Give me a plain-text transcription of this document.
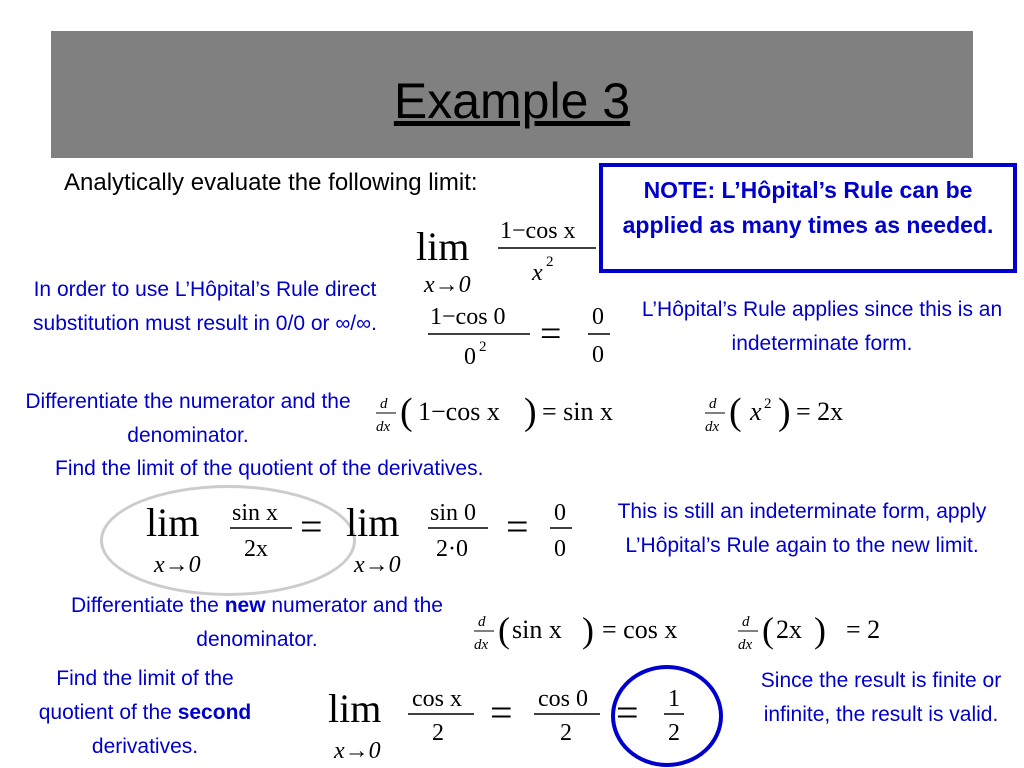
Example 3
Analytically evaluate the following limit:
lim
x→0
1−cos x
x 2
NOTE: L’Hôpital’s Rule can be applied as many times as needed.
In order to use L’Hôpital’s Rule direct substitution must result in 0/0 or ∞/∞.	1−cos 0
0 2 = 0
0
L’Hôpital’s Rule applies since this is an indeterminate form.
Differentiate the numerator and the denominator.
d
dx ( 1−cos x ) = sin x	d
dx ( x 2 ) = 2x
Find the limit of the quotient of the derivatives.
lim
x→0
sin x
2x = lim
x→0
sin 0
2·0 = 0
0
This is still an indeterminate form, apply L’Hôpital’s Rule again to the new limit.
Differentiate the new numerator and the denominator.
d
dx ( sin x ) = cos x	d
dx ( 2x ) = 2
Find the limit of the quotient of the second derivatives.
lim
x→0
cos x
2 = cos 0
2 = 1
2
Since the result is finite or infinite, the result is valid.
